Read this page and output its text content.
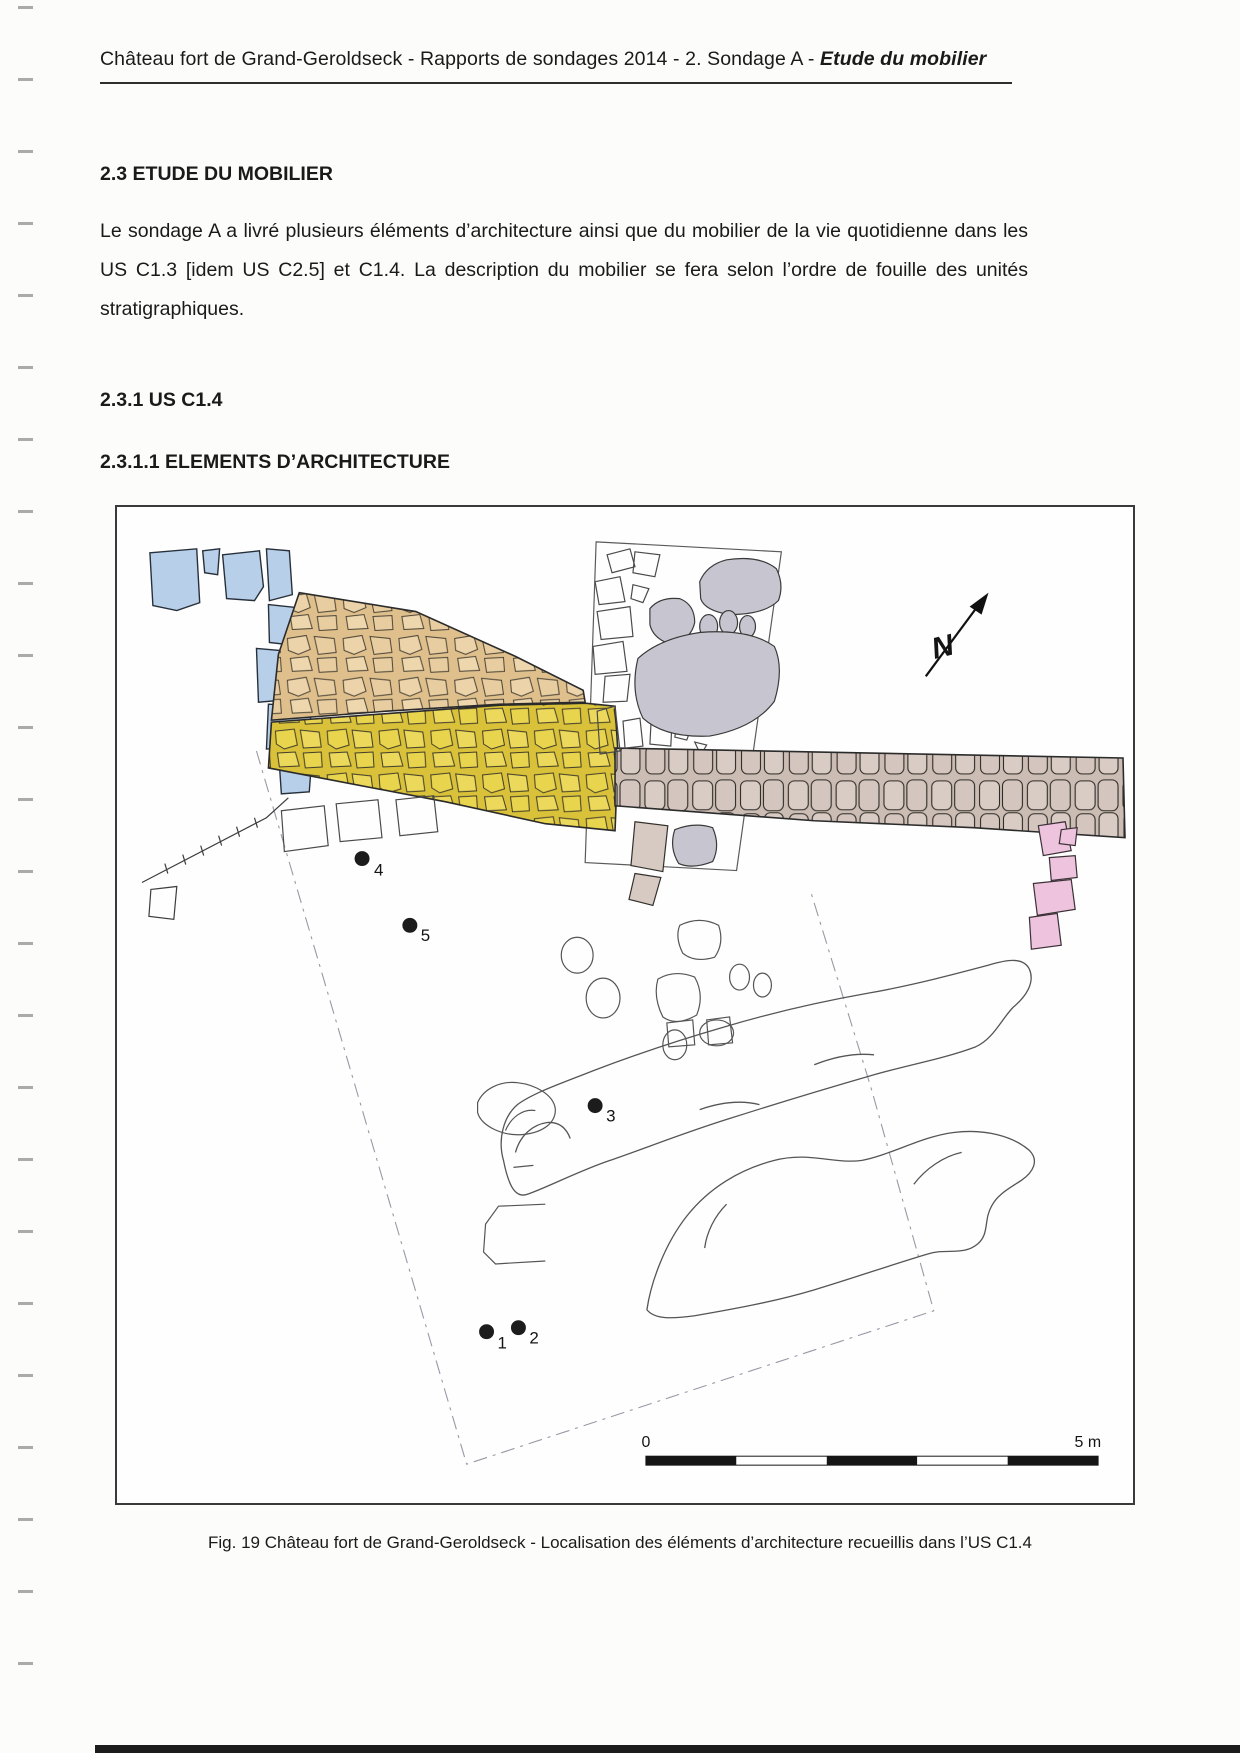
Château fort de Grand-Geroldseck - Rapports de sondages 2014 - 2. Sondage A - Etude du mobilier
2.3 ETUDE DU MOBILIER
Le sondage A a livré plusieurs éléments d’architecture ainsi que du mobilier de la vie quotidienne dans les US C1.3 [idem US C2.5] et C1.4. La description du mobilier se fera selon l’ordre de fouille des unités stratigraphiques.
2.3.1 US C1.4
2.3.1.1 ELEMENTS D’ARCHITECTURE
1 2
3
4
5
N
0	5 m
Fig. 19 Château fort de Grand-Geroldseck - Localisation des éléments d’architecture recueillis dans l’US C1.4
